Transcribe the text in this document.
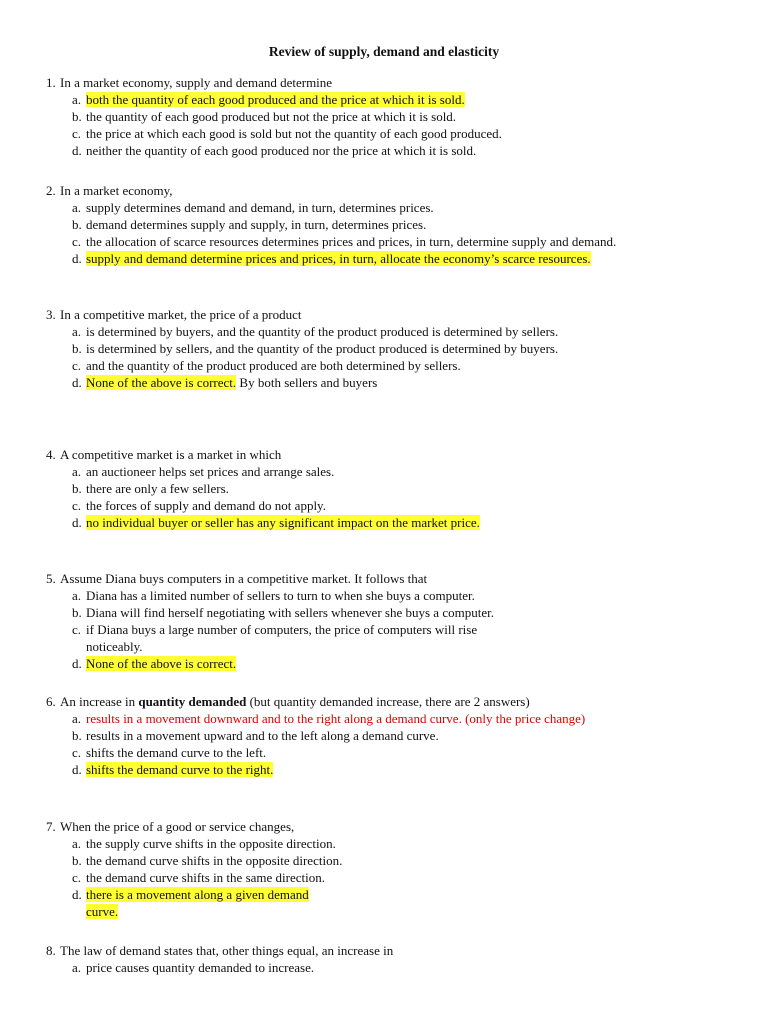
Review of supply, demand and elasticity
1. In a market economy, supply and demand determine
a. both the quantity of each good produced and the price at which it is sold.
b. the quantity of each good produced but not the price at which it is sold.
c. the price at which each good is sold but not the quantity of each good produced.
d. neither the quantity of each good produced nor the price at which it is sold.
2. In a market economy,
a. supply determines demand and demand, in turn, determines prices.
b. demand determines supply and supply, in turn, determines prices.
c. the allocation of scarce resources determines prices and prices, in turn, determine supply and demand.
d. supply and demand determine prices and prices, in turn, allocate the economy’s scarce resources.
3. In a competitive market, the price of a product
a. is determined by buyers, and the quantity of the product produced is determined by sellers.
b. is determined by sellers, and the quantity of the product produced is determined by buyers.
c. and the quantity of the product produced are both determined by sellers.
d. None of the above is correct. By both sellers and buyers
4. A competitive market is a market in which
a. an auctioneer helps set prices and arrange sales.
b. there are only a few sellers.
c. the forces of supply and demand do not apply.
d. no individual buyer or seller has any significant impact on the market price.
5. Assume Diana buys computers in a competitive market. It follows that
a. Diana has a limited number of sellers to turn to when she buys a computer.
b. Diana will find herself negotiating with sellers whenever she buys a computer.
c. if Diana buys a large number of computers, the price of computers will rise noticeably.
d. None of the above is correct.
6. An increase in quantity demanded (but quantity demanded increase, there are 2 answers)
a. results in a movement downward and to the right along a demand curve. (only the price change)
b. results in a movement upward and to the left along a demand curve.
c. shifts the demand curve to the left.
d. shifts the demand curve to the right.
7. When the price of a good or service changes,
a. the supply curve shifts in the opposite direction.
b. the demand curve shifts in the opposite direction.
c. the demand curve shifts in the same direction.
d. there is a movement along a given demand curve.
8. The law of demand states that, other things equal, an increase in
a. price causes quantity demanded to increase.
